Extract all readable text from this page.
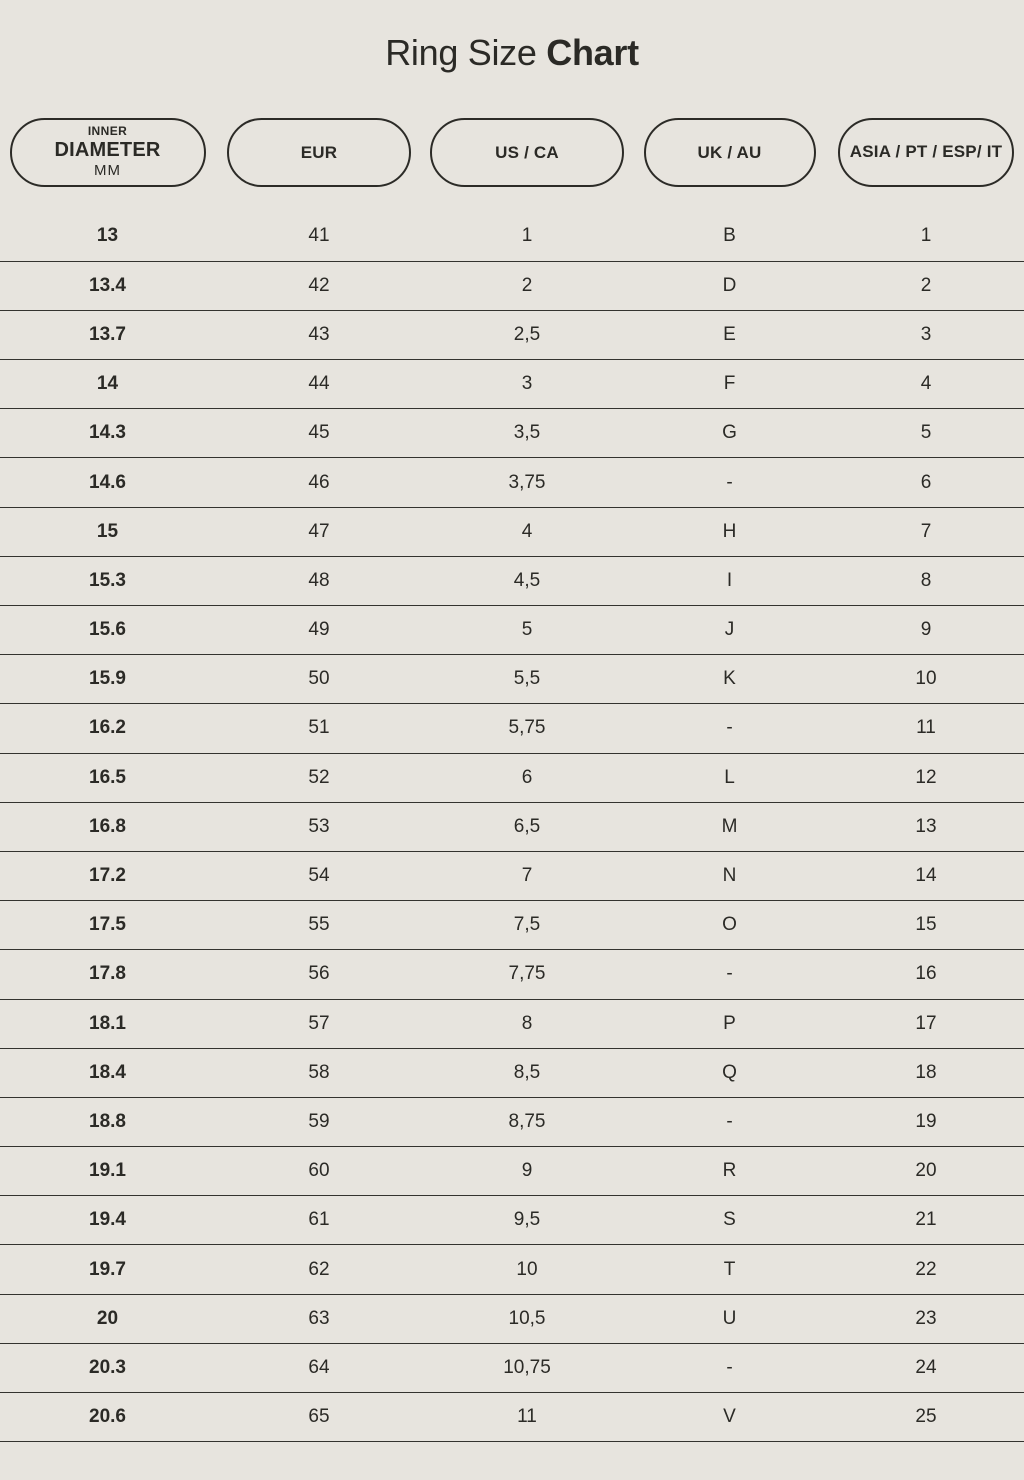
Ring Size Chart
INNER
DIAMETER
MM
EUR	US / CA	UK / AU	ASIA / PT / ESP/ IT
13	41	1	B	1
13.4	42	2	D	2
13.7	43	2,5	E	3
14	44	3	F	4
14.3	45	3,5	G	5
14.6	46	3,75	-	6
15	47	4	H	7
15.3	48	4,5	I	8
15.6	49	5	J	9
15.9	50	5,5	K	10
16.2	51	5,75	-	11
16.5	52	6	L	12
16.8	53	6,5	M	13
17.2	54	7	N	14
17.5	55	7,5	O	15
17.8	56	7,75	-	16
18.1	57	8	P	17
18.4	58	8,5	Q	18
18.8	59	8,75	-	19
19.1	60	9	R	20
19.4	61	9,5	S	21
19.7	62	10	T	22
20	63	10,5	U	23
20.3	64	10,75	-	24
20.6	65	11	V	25
